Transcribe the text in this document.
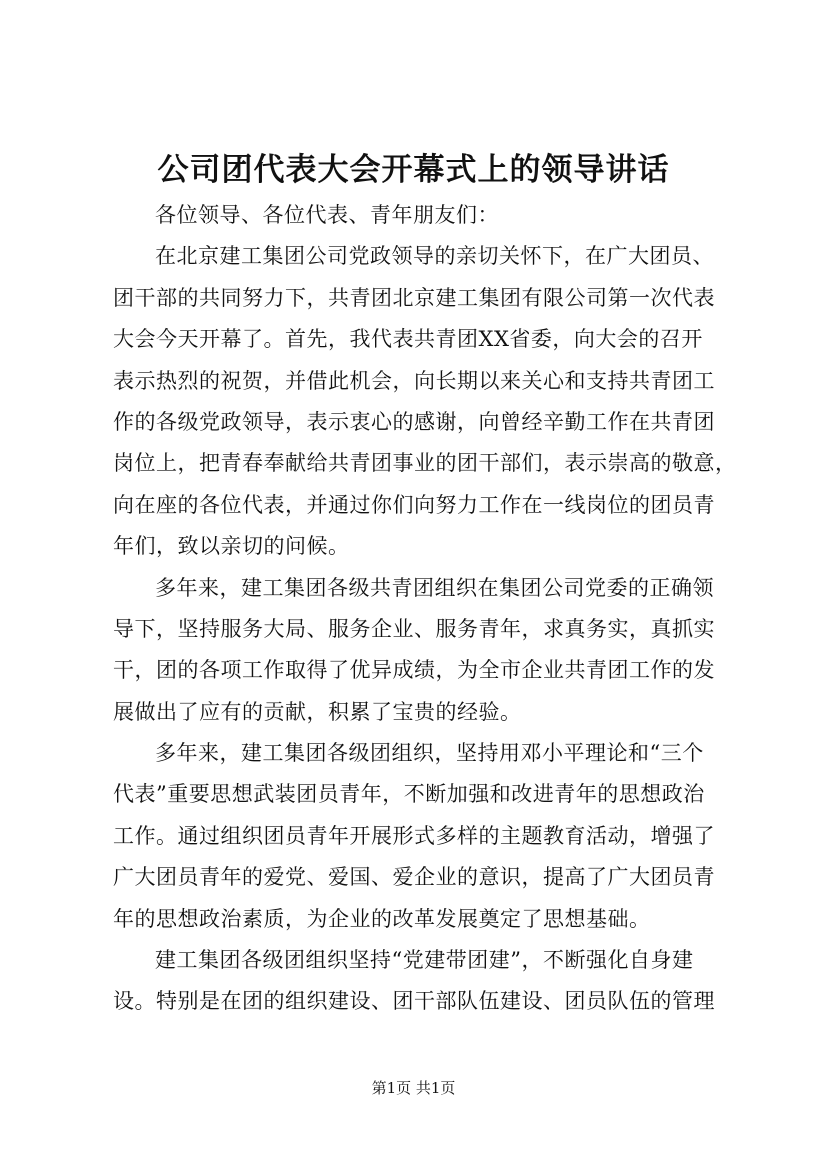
公司团代表大会开幕式上的领导讲话
各位领导、各位代表、青年朋友们：
在北京建工集团公司党政领导的亲切关怀下，在广大团员、
团干部的共同努力下，共青团北京建工集团有限公司第一次代表
大会今天开幕了。首先，我代表共青团XX省委，向大会的召开
表示热烈的祝贺，并借此机会，向长期以来关心和支持共青团工
作的各级党政领导，表示衷心的感谢，向曾经辛勤工作在共青团
岗位上，把青春奉献给共青团事业的团干部们，表示崇高的敬意，
向在座的各位代表，并通过你们向努力工作在一线岗位的团员青
年们，致以亲切的问候。
多年来，建工集团各级共青团组织在集团公司党委的正确领
导下，坚持服务大局、服务企业、服务青年，求真务实，真抓实
干，团的各项工作取得了优异成绩，为全市企业共青团工作的发
展做出了应有的贡献，积累了宝贵的经验。
多年来，建工集团各级团组织，坚持用邓小平理论和“三个
代表”重要思想武装团员青年，不断加强和改进青年的思想政治
工作。通过组织团员青年开展形式多样的主题教育活动，增强了
广大团员青年的爱党、爱国、爱企业的意识，提高了广大团员青
年的思想政治素质，为企业的改革发展奠定了思想基础。
建工集团各级团组织坚持“党建带团建”，不断强化自身建
设。特别是在团的组织建设、团干部队伍建设、团员队伍的管理
第1页 共1页
